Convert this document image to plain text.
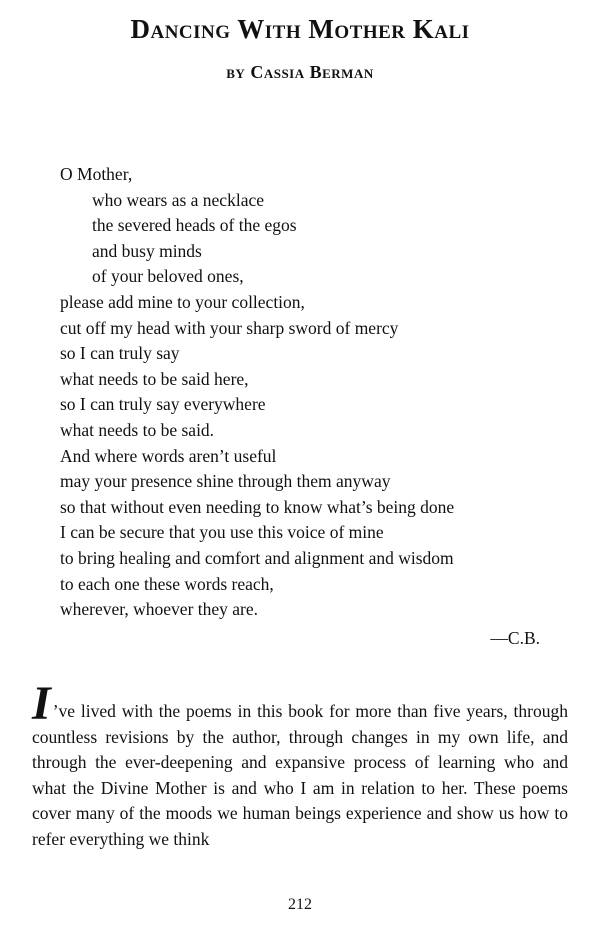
Dancing With Mother Kali
by Cassia Berman
O Mother,
who wears as a necklace
the severed heads of the egos
and busy minds
of your beloved ones,
please add mine to your collection,
cut off my head with your sharp sword of mercy
so I can truly say
what needs to be said here,
so I can truly say everywhere
what needs to be said.
And where words aren’t useful
may your presence shine through them anyway
so that without even needing to know what’s being done
I can be secure that you use this voice of mine
to bring healing and comfort and alignment and wisdom
to each one these words reach,
wherever, whoever they are.

—C.B.

I ’ve lived with the poems in this book for more than five years, through countless revisions by the author, through changes in my own life, and through the ever-deepening and expansive process of learning who and what the Divine Mother is and who I am in relation to her. These poems cover many of the moods we human beings experience and show us how to refer everything we think

212
